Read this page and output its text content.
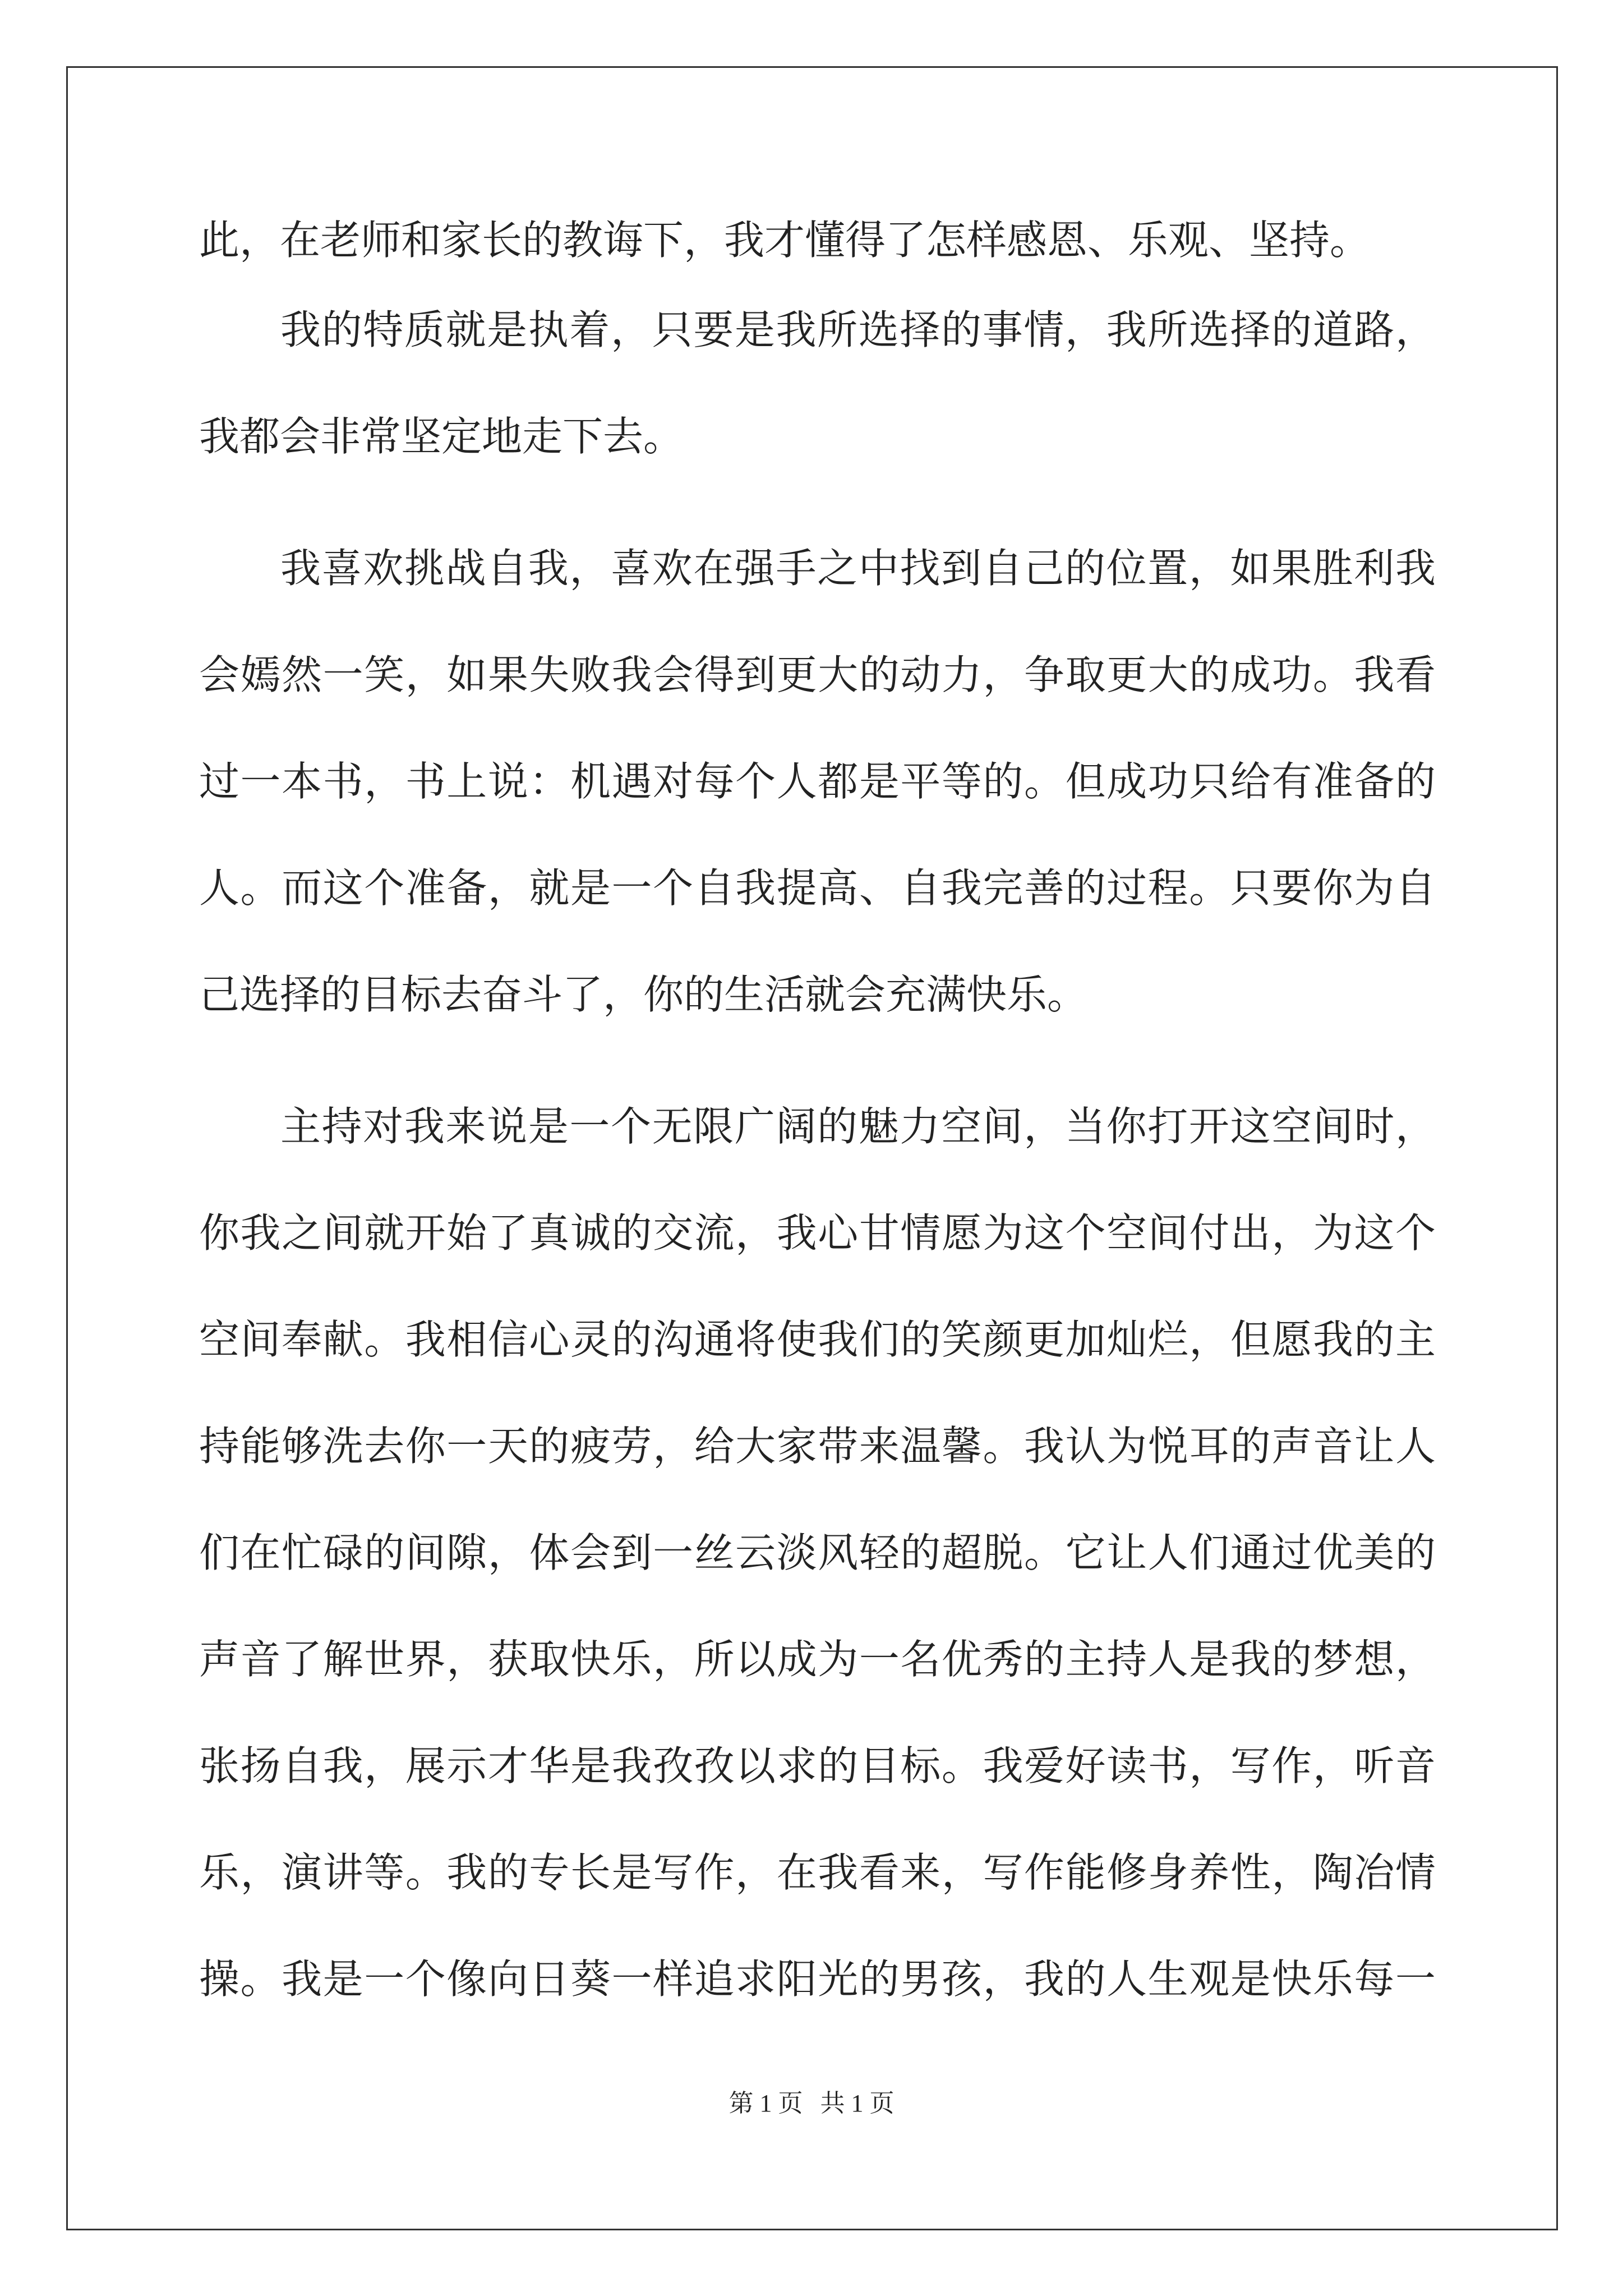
此，在老师和家长的教诲下，我才懂得了怎样感恩、乐观、坚持。

我的特质就是执着，只要是我所选择的事情，我所选择的道路，

我都会非常坚定地走下去。

我喜欢挑战自我，喜欢在强手之中找到自己的位置，如果胜利我

会嫣然一笑，如果失败我会得到更大的动力，争取更大的成功。我看

过一本书，书上说：机遇对每个人都是平等的。但成功只给有准备的

人。而这个准备，就是一个自我提高、自我完善的过程。只要你为自

己选择的目标去奋斗了，你的生活就会充满快乐。

主持对我来说是一个无限广阔的魅力空间，当你打开这空间时，

你我之间就开始了真诚的交流，我心甘情愿为这个空间付出，为这个

空间奉献。我相信心灵的沟通将使我们的笑颜更加灿烂，但愿我的主

持能够洗去你一天的疲劳，给大家带来温馨。我认为悦耳的声音让人

们在忙碌的间隙，体会到一丝云淡风轻的超脱。它让人们通过优美的

声音了解世界，获取快乐，所以成为一名优秀的主持人是我的梦想，

张扬自我，展示才华是我孜孜以求的目标。我爱好读书，写作，听音

乐，演讲等。我的专长是写作，在我看来，写作能修身养性，陶冶情

操。我是一个像向日葵一样追求阳光的男孩，我的人生观是快乐每一

第 1 页 共 1 页
